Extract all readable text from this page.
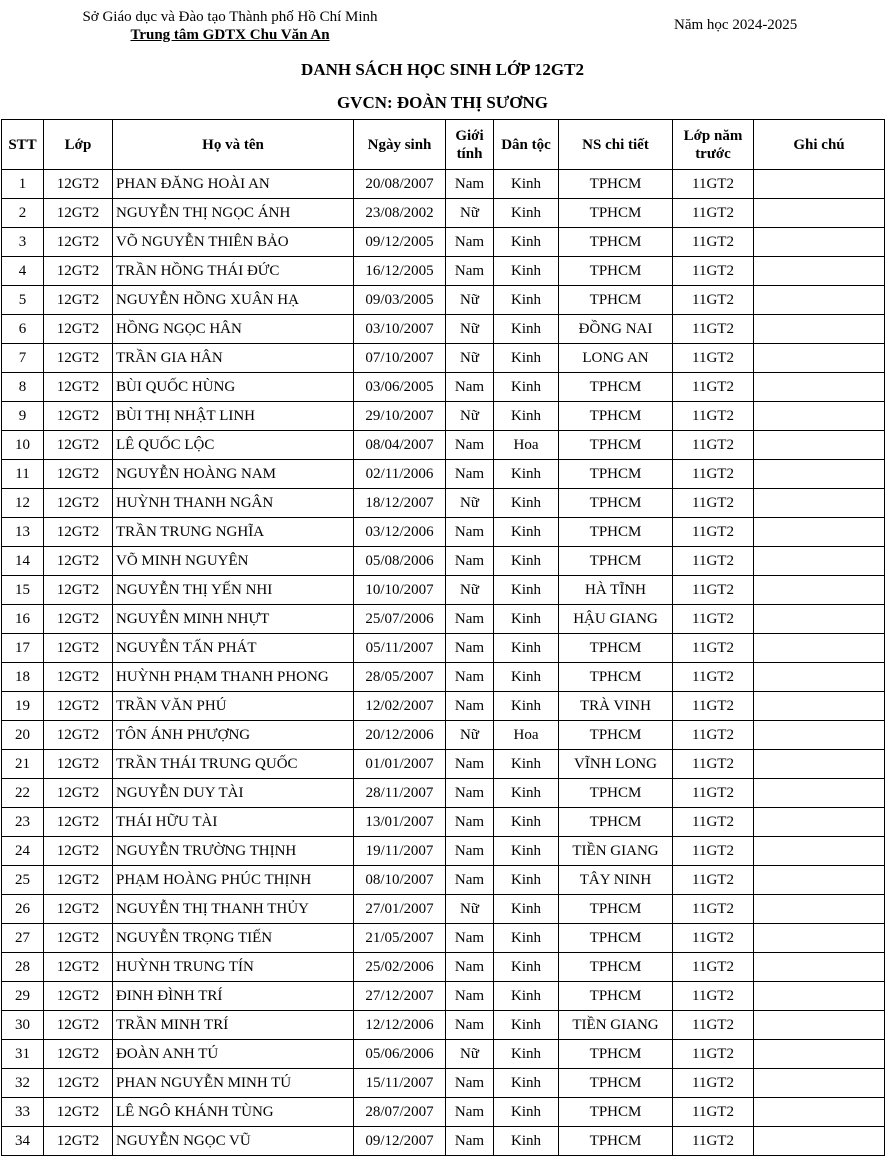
Sở Giáo dục và Đào tạo Thành phố Hồ Chí Minh
Trung tâm GDTX Chu Văn An
Năm học 2024-2025
DANH SÁCH HỌC SINH LỚP 12GT2
GVCN: ĐOÀN THỊ SƯƠNG
STT	Lớp	Họ và tên	Ngày sinh	Giới tính	Dân tộc	NS chi tiết	Lớp năm trước	Ghi chú
1	12GT2	PHAN ĐĂNG HOÀI AN	20/08/2007	Nam	Kinh	TPHCM	11GT2	
2	12GT2	NGUYỄN THỊ NGỌC ÁNH	23/08/2002	Nữ	Kinh	TPHCM	11GT2	
3	12GT2	VÕ NGUYỄN THIÊN BẢO	09/12/2005	Nam	Kinh	TPHCM	11GT2	
4	12GT2	TRẦN HỒNG THÁI ĐỨC	16/12/2005	Nam	Kinh	TPHCM	11GT2	
5	12GT2	NGUYỄN HỒNG XUÂN HẠ	09/03/2005	Nữ	Kinh	TPHCM	11GT2	
6	12GT2	HỒNG NGỌC HÂN	03/10/2007	Nữ	Kinh	ĐỒNG NAI	11GT2	
7	12GT2	TRẦN GIA HÂN	07/10/2007	Nữ	Kinh	LONG AN	11GT2	
8	12GT2	BÙI QUỐC HÙNG	03/06/2005	Nam	Kinh	TPHCM	11GT2	
9	12GT2	BÙI THỊ NHẬT LINH	29/10/2007	Nữ	Kinh	TPHCM	11GT2	
10	12GT2	LÊ QUỐC LỘC	08/04/2007	Nam	Hoa	TPHCM	11GT2	
11	12GT2	NGUYỄN HOÀNG NAM	02/11/2006	Nam	Kinh	TPHCM	11GT2	
12	12GT2	HUỲNH THANH NGÂN	18/12/2007	Nữ	Kinh	TPHCM	11GT2	
13	12GT2	TRẦN TRUNG NGHĨA	03/12/2006	Nam	Kinh	TPHCM	11GT2	
14	12GT2	VÕ MINH NGUYÊN	05/08/2006	Nam	Kinh	TPHCM	11GT2	
15	12GT2	NGUYỄN THỊ YẾN NHI	10/10/2007	Nữ	Kinh	HÀ TĨNH	11GT2	
16	12GT2	NGUYỄN MINH NHỰT	25/07/2006	Nam	Kinh	HẬU GIANG	11GT2	
17	12GT2	NGUYỄN TẤN PHÁT	05/11/2007	Nam	Kinh	TPHCM	11GT2	
18	12GT2	HUỲNH PHẠM THANH PHONG	28/05/2007	Nam	Kinh	TPHCM	11GT2	
19	12GT2	TRẦN VĂN PHÚ	12/02/2007	Nam	Kinh	TRÀ VINH	11GT2	
20	12GT2	TÔN ÁNH PHƯỢNG	20/12/2006	Nữ	Hoa	TPHCM	11GT2	
21	12GT2	TRẦN THÁI TRUNG QUỐC	01/01/2007	Nam	Kinh	VĨNH LONG	11GT2	
22	12GT2	NGUYỄN DUY TÀI	28/11/2007	Nam	Kinh	TPHCM	11GT2	
23	12GT2	THÁI HỮU TÀI	13/01/2007	Nam	Kinh	TPHCM	11GT2	
24	12GT2	NGUYỄN TRƯỜNG THỊNH	19/11/2007	Nam	Kinh	TIỀN GIANG	11GT2	
25	12GT2	PHẠM HOÀNG PHÚC THỊNH	08/10/2007	Nam	Kinh	TÂY NINH	11GT2	
26	12GT2	NGUYỄN THỊ THANH THỦY	27/01/2007	Nữ	Kinh	TPHCM	11GT2	
27	12GT2	NGUYỄN TRỌNG TIẾN	21/05/2007	Nam	Kinh	TPHCM	11GT2	
28	12GT2	HUỲNH TRUNG TÍN	25/02/2006	Nam	Kinh	TPHCM	11GT2	
29	12GT2	ĐINH ĐÌNH TRÍ	27/12/2007	Nam	Kinh	TPHCM	11GT2	
30	12GT2	TRẦN MINH TRÍ	12/12/2006	Nam	Kinh	TIỀN GIANG	11GT2	
31	12GT2	ĐOÀN ANH TÚ	05/06/2006	Nữ	Kinh	TPHCM	11GT2	
32	12GT2	PHAN NGUYỄN MINH TÚ	15/11/2007	Nam	Kinh	TPHCM	11GT2	
33	12GT2	LÊ NGÔ KHÁNH TÙNG	28/07/2007	Nam	Kinh	TPHCM	11GT2	
34	12GT2	NGUYỄN NGỌC VŨ	09/12/2007	Nam	Kinh	TPHCM	11GT2	
